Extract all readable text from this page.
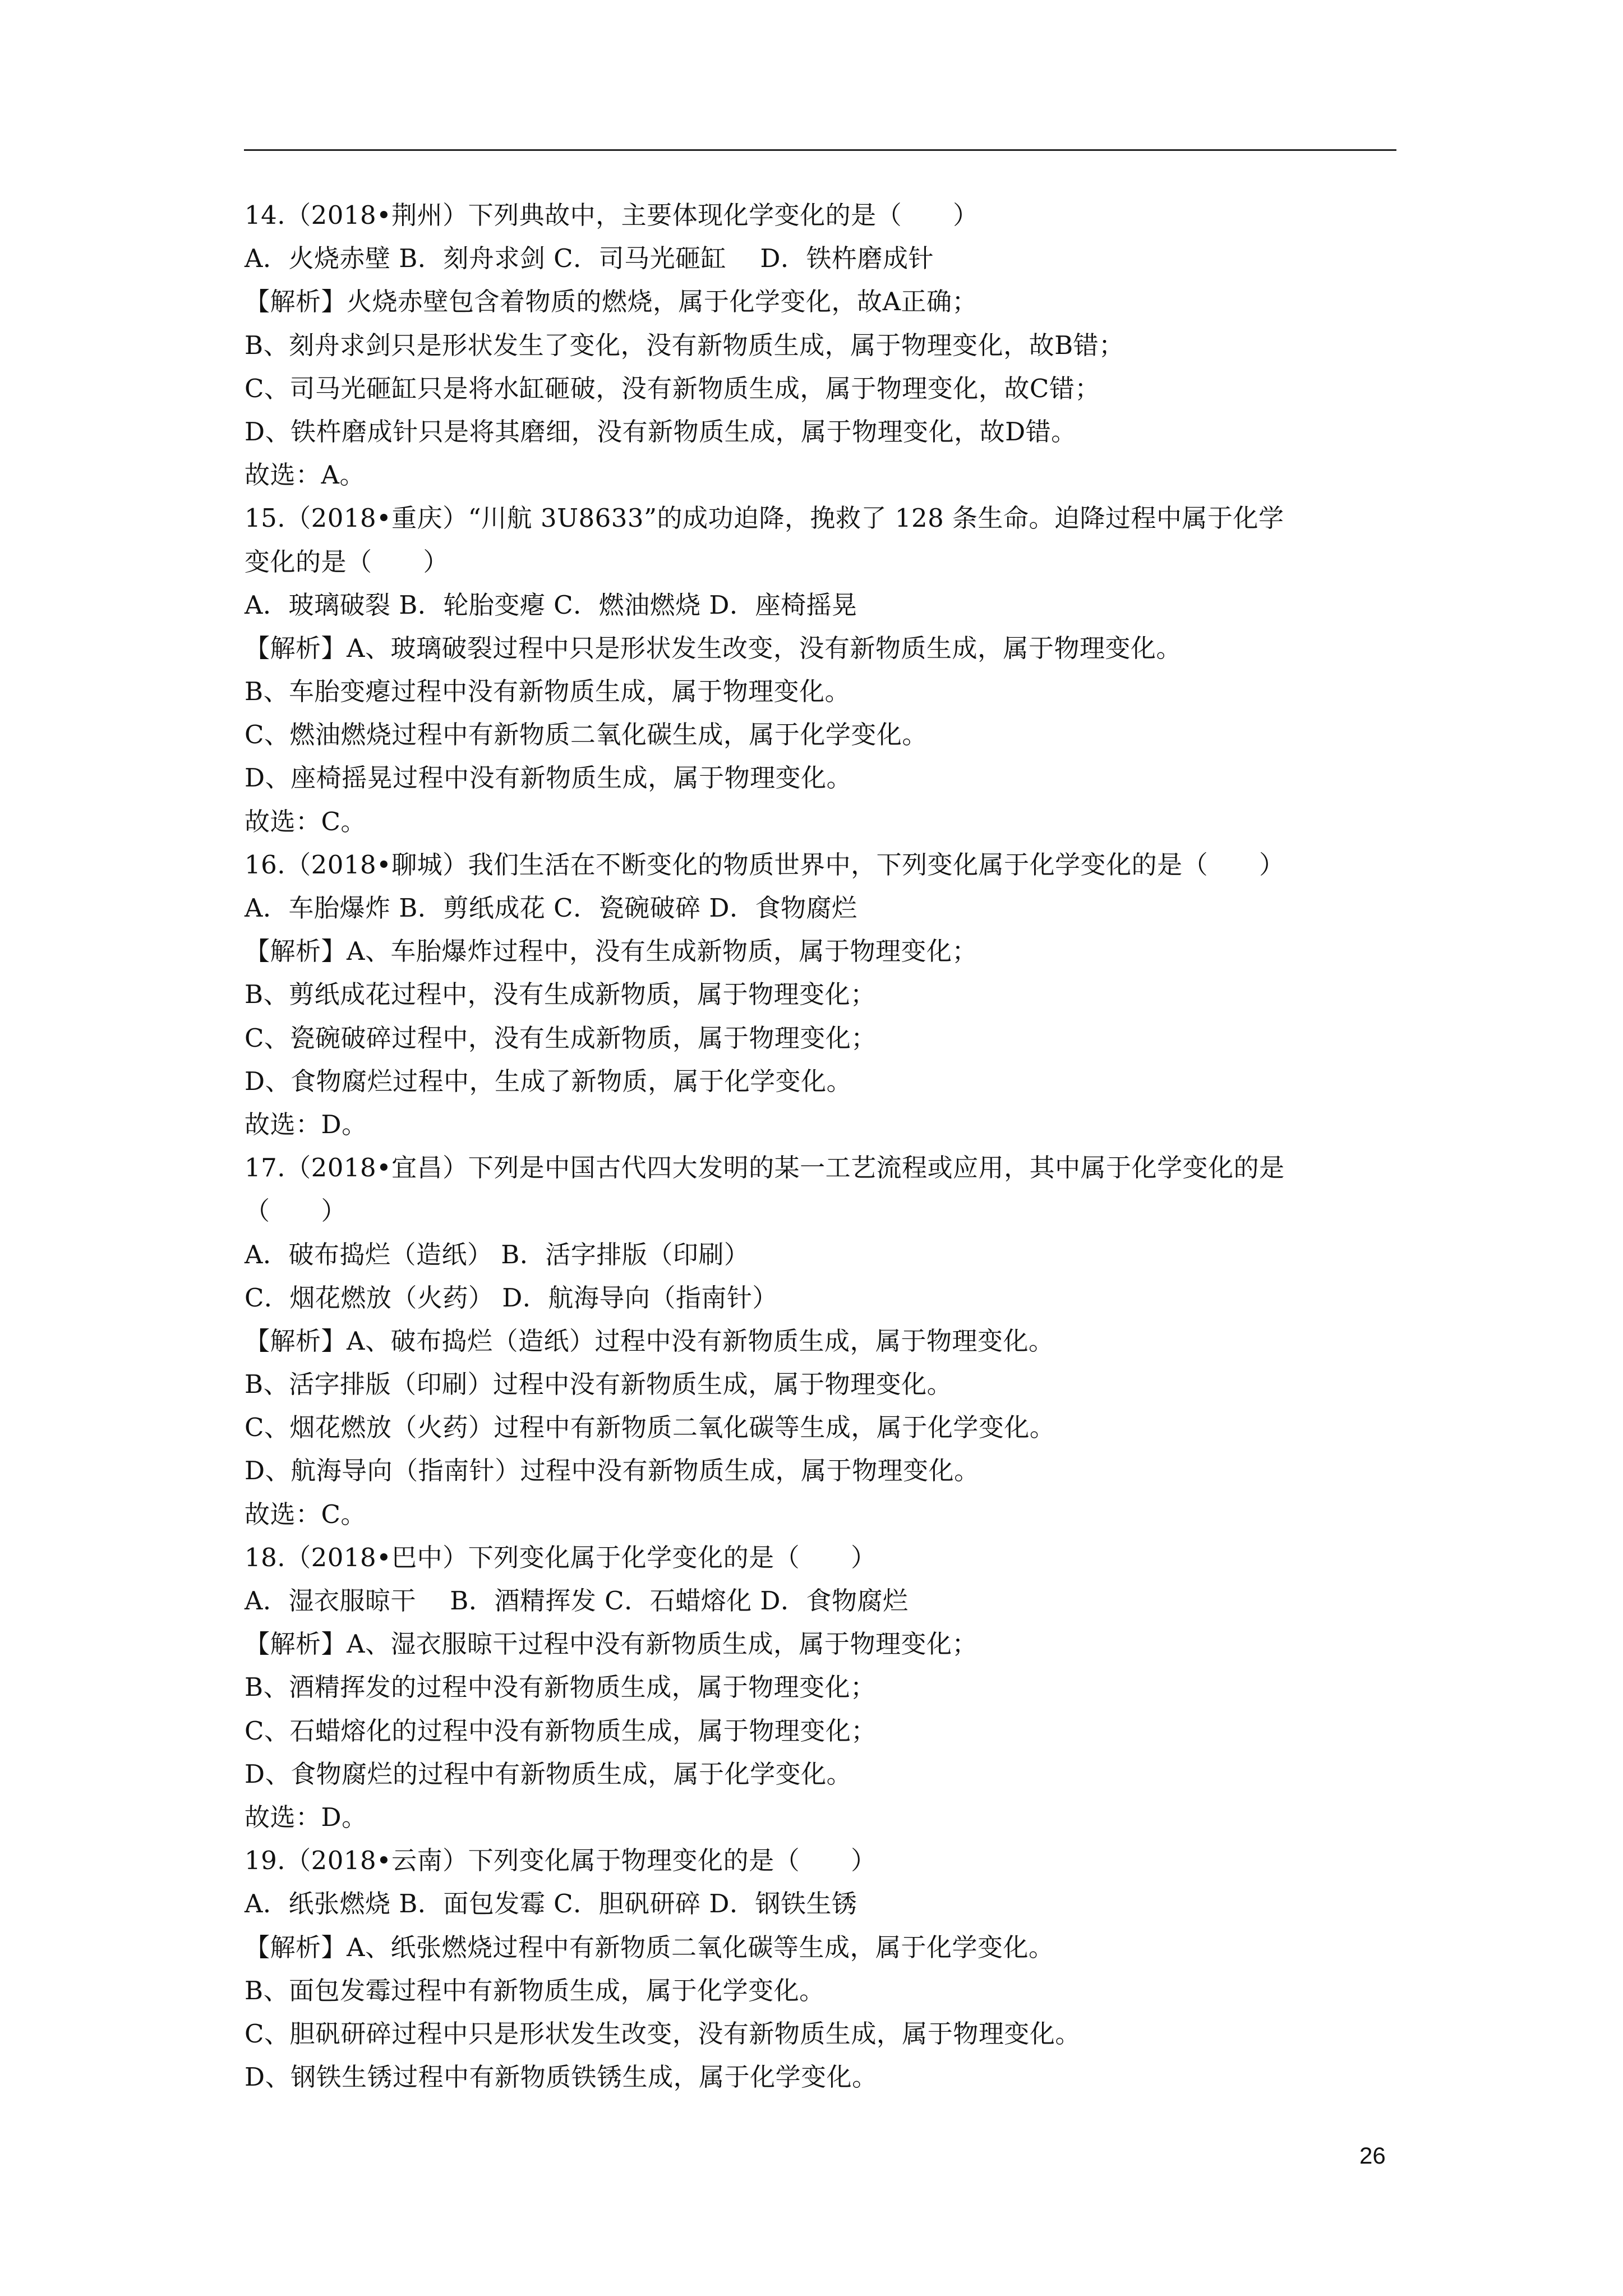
14.（2018•荆州）下列典故中，主要体现化学变化的是（　　）
A．火烧赤壁 B．刻舟求剑 C．司马光砸缸　 D．铁杵磨成针
【解析】火烧赤壁包含着物质的燃烧，属于化学变化，故A正确；
B、刻舟求剑只是形状发生了变化，没有新物质生成，属于物理变化，故B错；
C、司马光砸缸只是将水缸砸破，没有新物质生成，属于物理变化，故C错；
D、铁杵磨成针只是将其磨细，没有新物质生成，属于物理变化，故D错。
故选：A。
15.（2018•重庆）“川航 3U8633”的成功迫降，挽救了 128 条生命。迫降过程中属于化学
变化的是（　　）
A．玻璃破裂 B．轮胎变瘪 C．燃油燃烧 D．座椅摇晃
【解析】A、玻璃破裂过程中只是形状发生改变，没有新物质生成，属于物理变化。
B、车胎变瘪过程中没有新物质生成，属于物理变化。
C、燃油燃烧过程中有新物质二氧化碳生成，属于化学变化。
D、座椅摇晃过程中没有新物质生成，属于物理变化。
故选：C。
16.（2018•聊城）我们生活在不断变化的物质世界中，下列变化属于化学变化的是（　　）
A．车胎爆炸 B．剪纸成花 C．瓷碗破碎 D．食物腐烂
【解析】A、车胎爆炸过程中，没有生成新物质，属于物理变化；
B、剪纸成花过程中，没有生成新物质，属于物理变化；
C、瓷碗破碎过程中，没有生成新物质，属于物理变化；
D、食物腐烂过程中，生成了新物质，属于化学变化。
故选：D。
17.（2018•宜昌）下列是中国古代四大发明的某一工艺流程或应用，其中属于化学变化的是
（　　）
A．破布捣烂（造纸） B．活字排版（印刷）
C．烟花燃放（火药） D．航海导向（指南针）
【解析】A、破布捣烂（造纸）过程中没有新物质生成，属于物理变化。
B、活字排版（印刷）过程中没有新物质生成，属于物理变化。
C、烟花燃放（火药）过程中有新物质二氧化碳等生成，属于化学变化。
D、航海导向（指南针）过程中没有新物质生成，属于物理变化。
故选：C。
18.（2018•巴中）下列变化属于化学变化的是（　　）
A．湿衣服晾干　 B．酒精挥发 C．石蜡熔化 D．食物腐烂
【解析】A、湿衣服晾干过程中没有新物质生成，属于物理变化；
B、酒精挥发的过程中没有新物质生成，属于物理变化；
C、石蜡熔化的过程中没有新物质生成，属于物理变化；
D、食物腐烂的过程中有新物质生成，属于化学变化。
故选：D。
19.（2018•云南）下列变化属于物理变化的是（　　）
A．纸张燃烧 B．面包发霉 C．胆矾研碎 D．钢铁生锈
【解析】A、纸张燃烧过程中有新物质二氧化碳等生成，属于化学变化。
B、面包发霉过程中有新物质生成，属于化学变化。
C、胆矾研碎过程中只是形状发生改变，没有新物质生成，属于物理变化。
D、钢铁生锈过程中有新物质铁锈生成，属于化学变化。
26
